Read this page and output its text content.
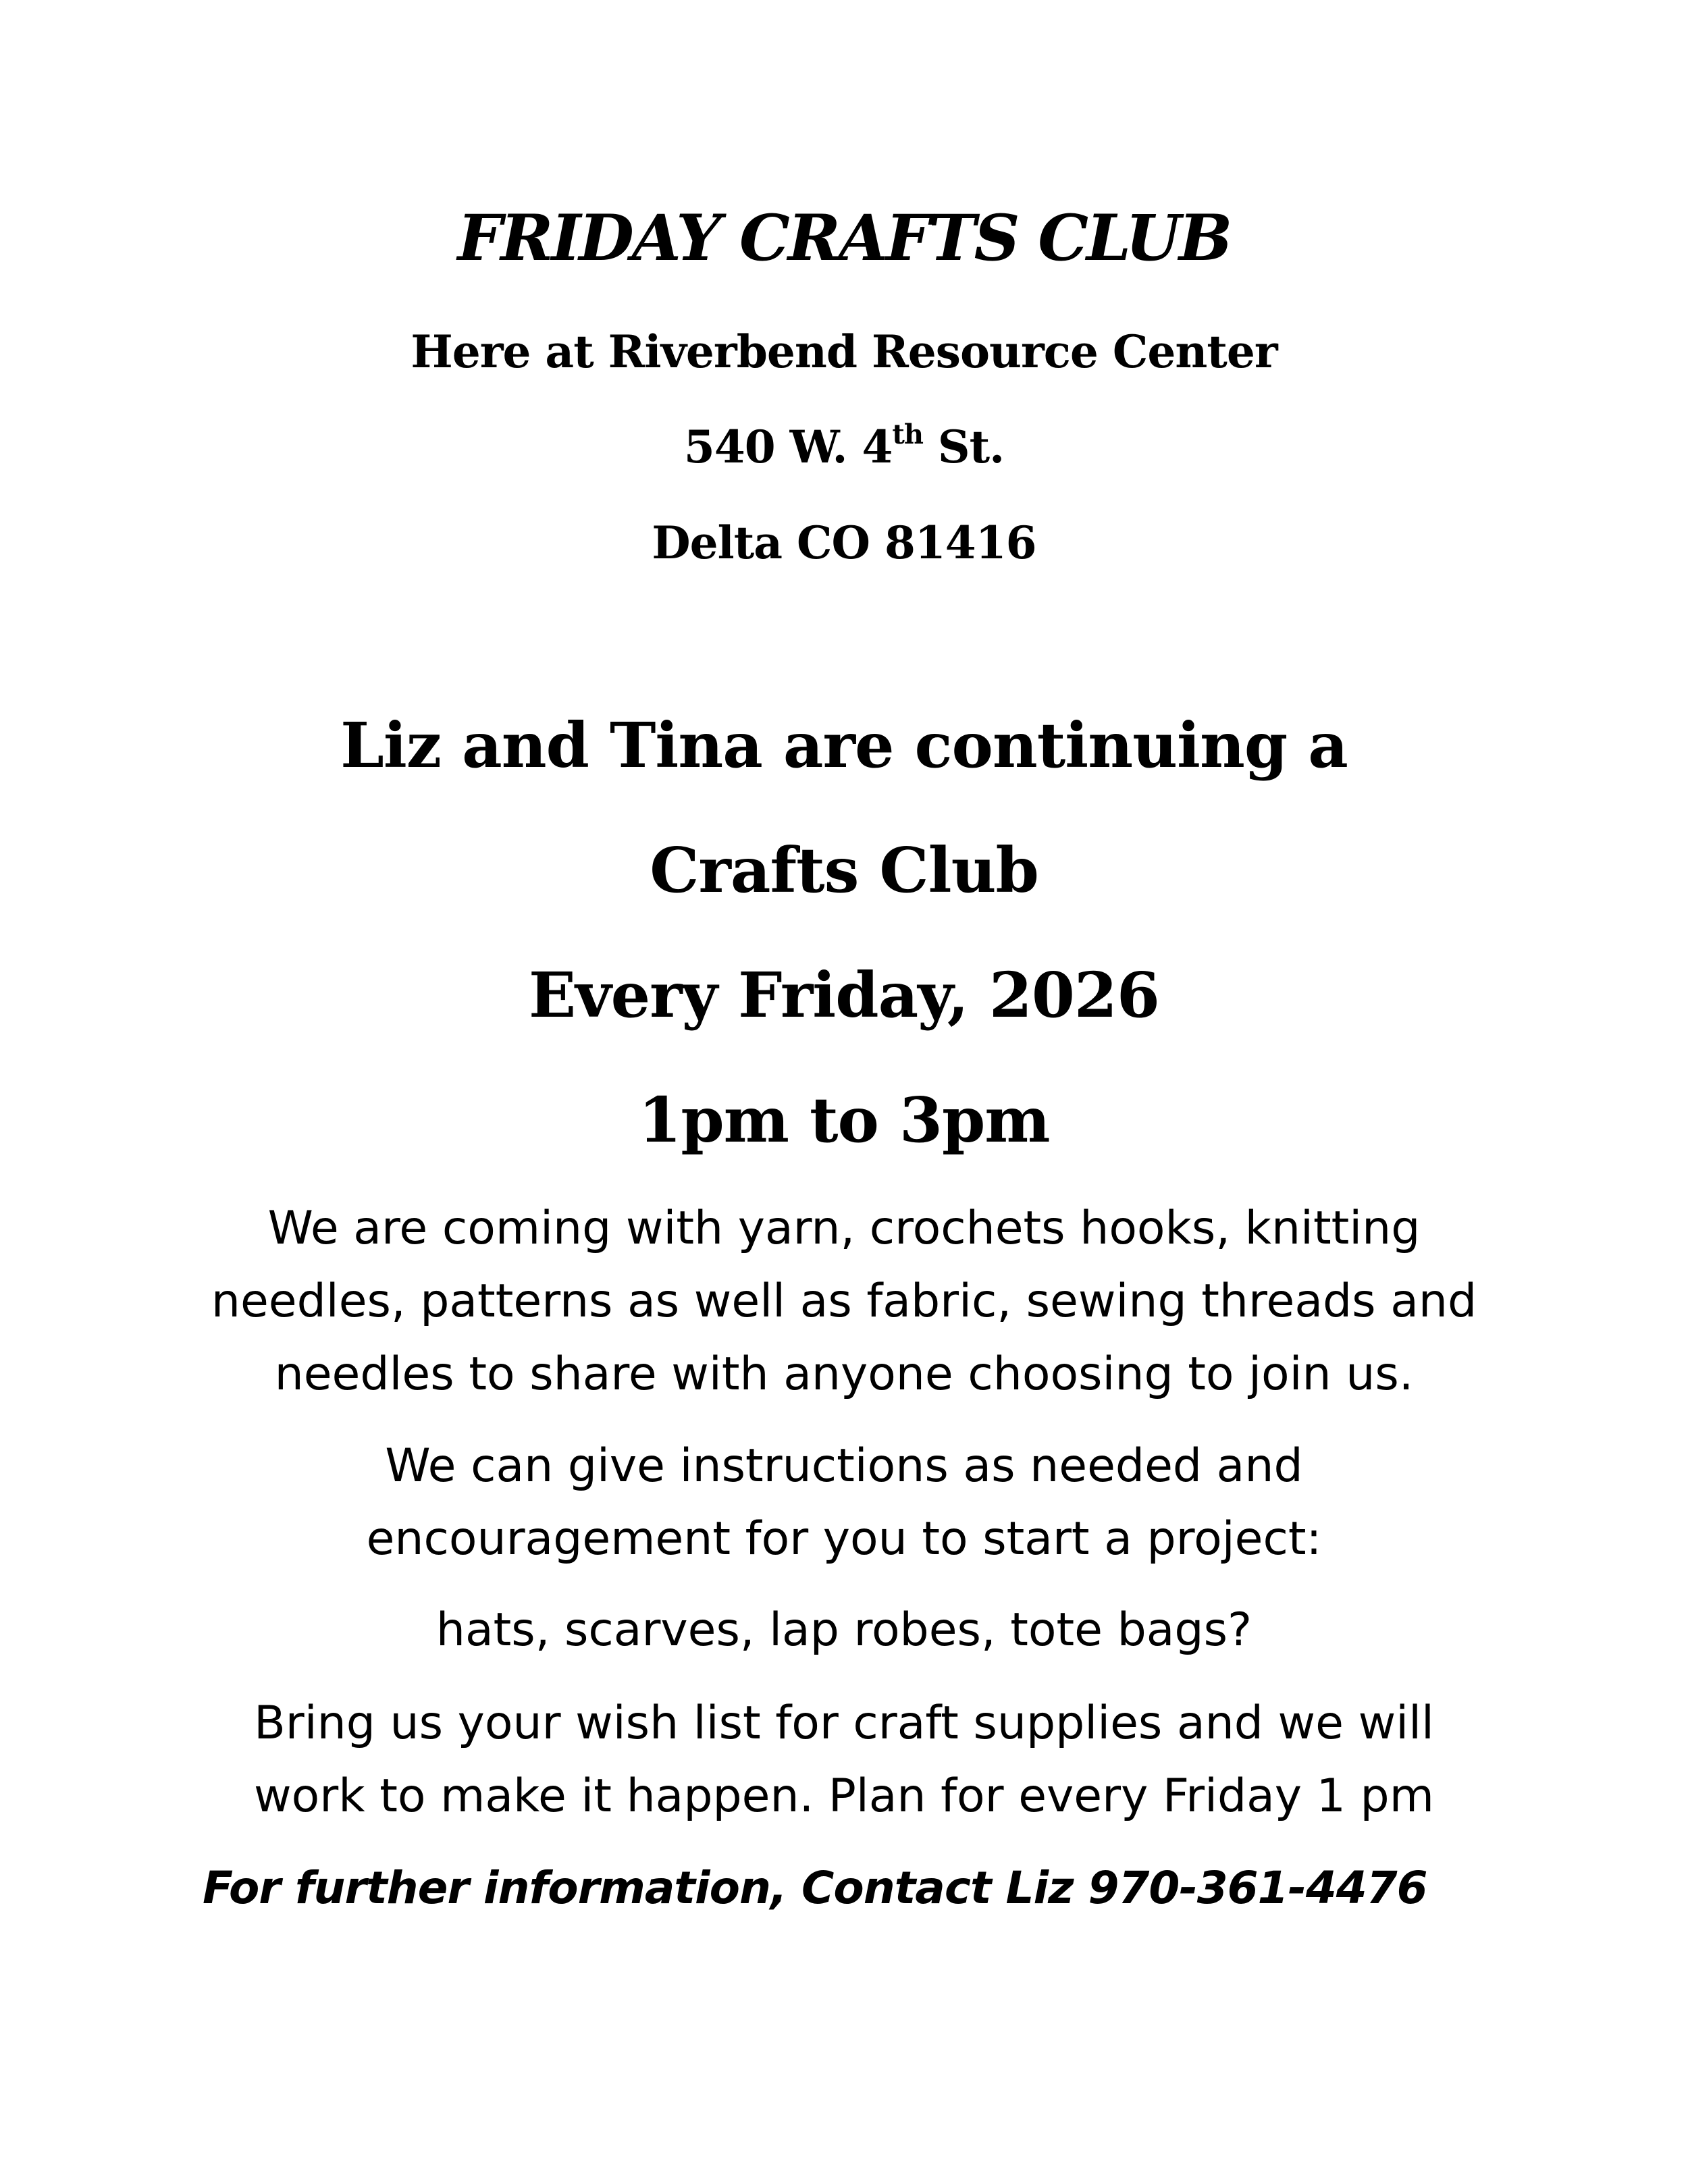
FRIDAY CRAFTS CLUB
Here at Riverbend Resource Center
540 W. 4th St.
Delta CO 81416
Liz and Tina are continuing a
Crafts Club
Every Friday, 2026
1pm to 3pm
We are coming with yarn, crochets hooks, knitting
needles, patterns as well as fabric, sewing threads and
needles to share with anyone choosing to join us.
We can give instructions as needed and
encouragement for you to start a project:
hats, scarves, lap robes, tote bags?
Bring us your wish list for craft supplies and we will
work to make it happen. Plan for every Friday 1 pm
For further information, Contact Liz 970-361-4476
